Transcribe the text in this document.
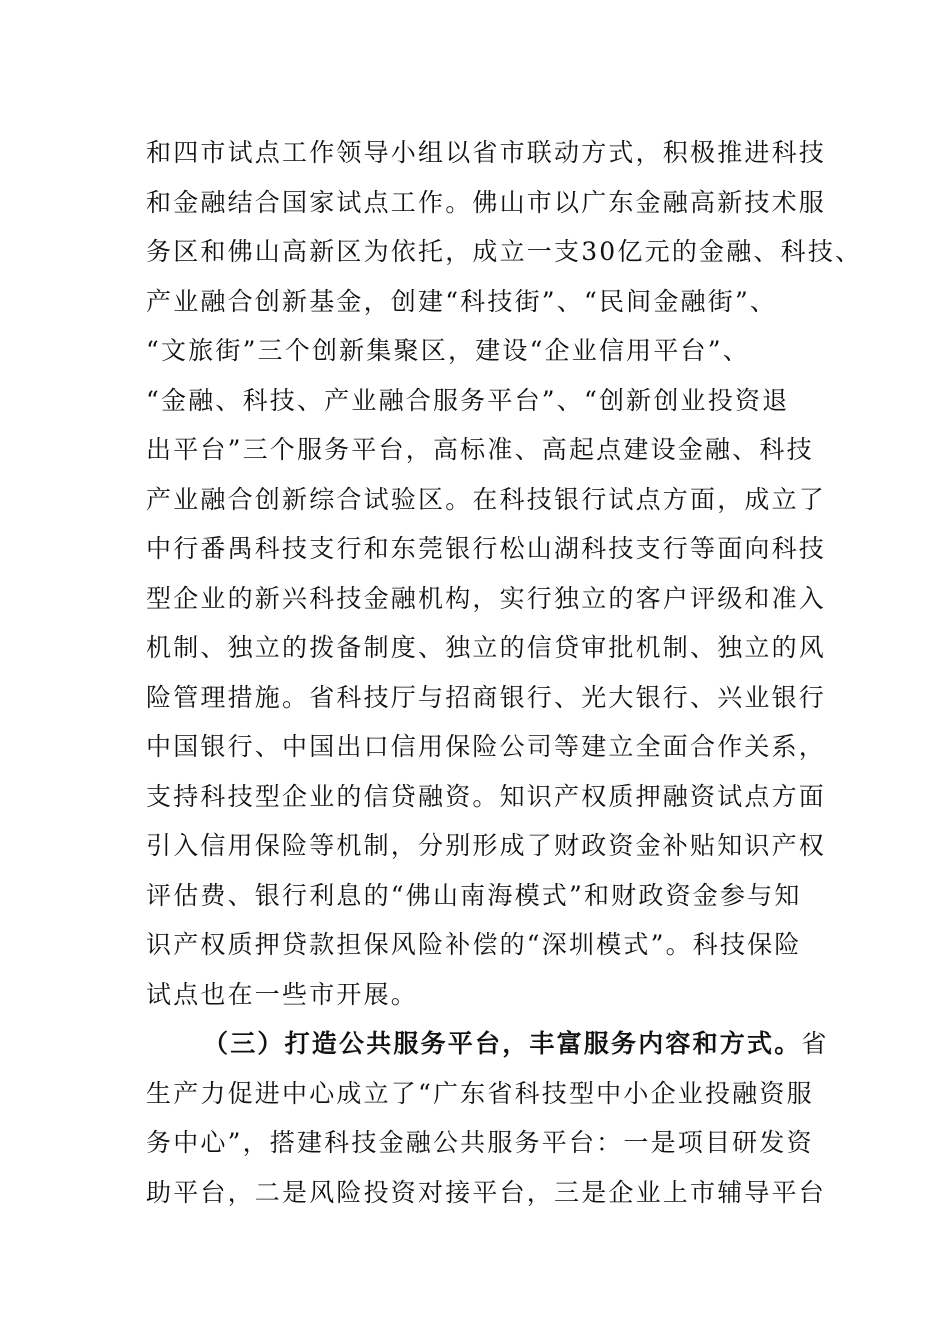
和四市试点工作领导小组以省市联动方式，积极推进科技
和金融结合国家试点工作。佛山市以广东金融高新技术服
务区和佛山高新区为依托，成立一支30亿元的金融、科技、
产业融合创新基金，创建“科技街”、“民间金融街”、
“文旅街”三个创新集聚区，建设“企业信用平台”、
“金融、科技、产业融合服务平台”、“创新创业投资退
出平台”三个服务平台，高标准、高起点建设金融、科技
产业融合创新综合试验区。在科技银行试点方面，成立了
中行番禺科技支行和东莞银行松山湖科技支行等面向科技
型企业的新兴科技金融机构，实行独立的客户评级和准入
机制、独立的拨备制度、独立的信贷审批机制、独立的风
险管理措施。省科技厅与招商银行、光大银行、兴业银行
中国银行、中国出口信用保险公司等建立全面合作关系，
支持科技型企业的信贷融资。知识产权质押融资试点方面
引入信用保险等机制，分别形成了财政资金补贴知识产权
评估费、银行利息的“佛山南海模式”和财政资金参与知
识产权质押贷款担保风险补偿的“深圳模式”。科技保险
试点也在一些市开展。
（三）打造公共服务平台，丰富服务内容和方式。省
生产力促进中心成立了“广东省科技型中小企业投融资服
务中心”，搭建科技金融公共服务平台：一是项目研发资
助平台，二是风险投资对接平台，三是企业上市辅导平台
